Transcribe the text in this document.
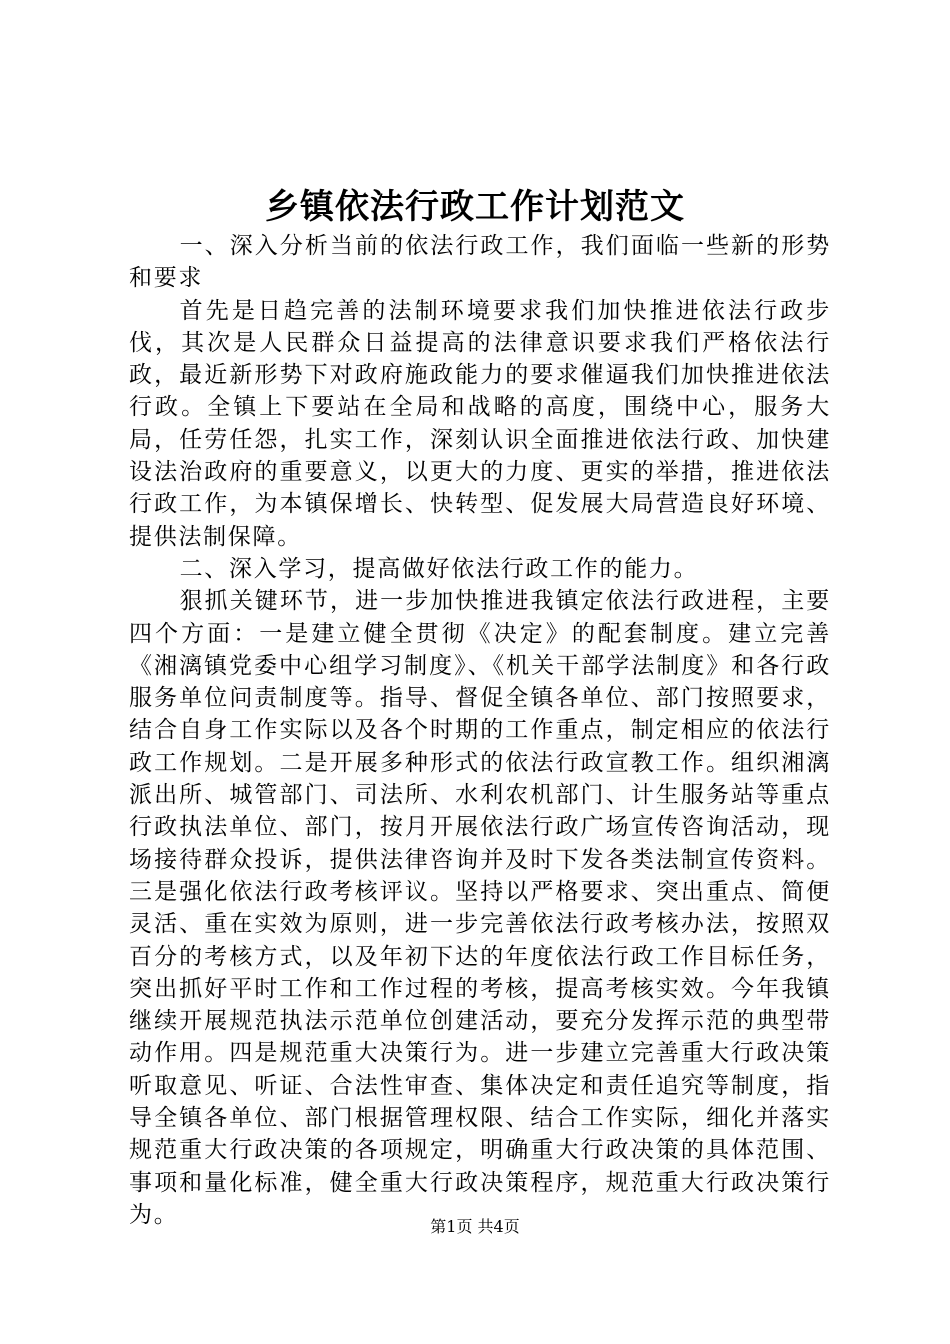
乡镇依法行政工作计划范文

一、深入分析当前的依法行政工作，我们面临一些新的形势和要求

首先是日趋完善的法制环境要求我们加快推进依法行政步伐，其次是人民群众日益提高的法律意识要求我们严格依法行政，最近新形势下对政府施政能力的要求催逼我们加快推进依法行政。全镇上下要站在全局和战略的高度，围绕中心，服务大局，任劳任怨，扎实工作，深刻认识全面推进依法行政、加快建设法治政府的重要意义，以更大的力度、更实的举措，推进依法行政工作，为本镇保增长、快转型、促发展大局营造良好环境、提供法制保障。

二、深入学习，提高做好依法行政工作的能力。

狠抓关键环节，进一步加快推进我镇定依法行政进程，主要四个方面：一是建立健全贯彻《决定》的配套制度。建立完善《湘漓镇党委中心组学习制度》、《机关干部学法制度》和各行政服务单位问责制度等。指导、督促全镇各单位、部门按照要求，结合自身工作实际以及各个时期的工作重点，制定相应的依法行政工作规划。二是开展多种形式的依法行政宣教工作。组织湘漓派出所、城管部门、司法所、水利农机部门、计生服务站等重点行政执法单位、部门，按月开展依法行政广场宣传咨询活动，现场接待群众投诉，提供法律咨询并及时下发各类法制宣传资料。三是强化依法行政考核评议。坚持以严格要求、突出重点、简便灵活、重在实效为原则，进一步完善依法行政考核办法，按照双百分的考核方式，以及年初下达的年度依法行政工作目标任务，突出抓好平时工作和工作过程的考核，提高考核实效。今年我镇继续开展规范执法示范单位创建活动，要充分发挥示范的典型带动作用。四是规范重大决策行为。进一步建立完善重大行政决策听取意见、听证、合法性审查、集体决定和责任追究等制度，指导全镇各单位、部门根据管理权限、结合工作实际，细化并落实规范重大行政决策的各项规定，明确重大行政决策的具体范围、事项和量化标准，健全重大行政决策程序，规范重大行政决策行为。	第1页 共4页
